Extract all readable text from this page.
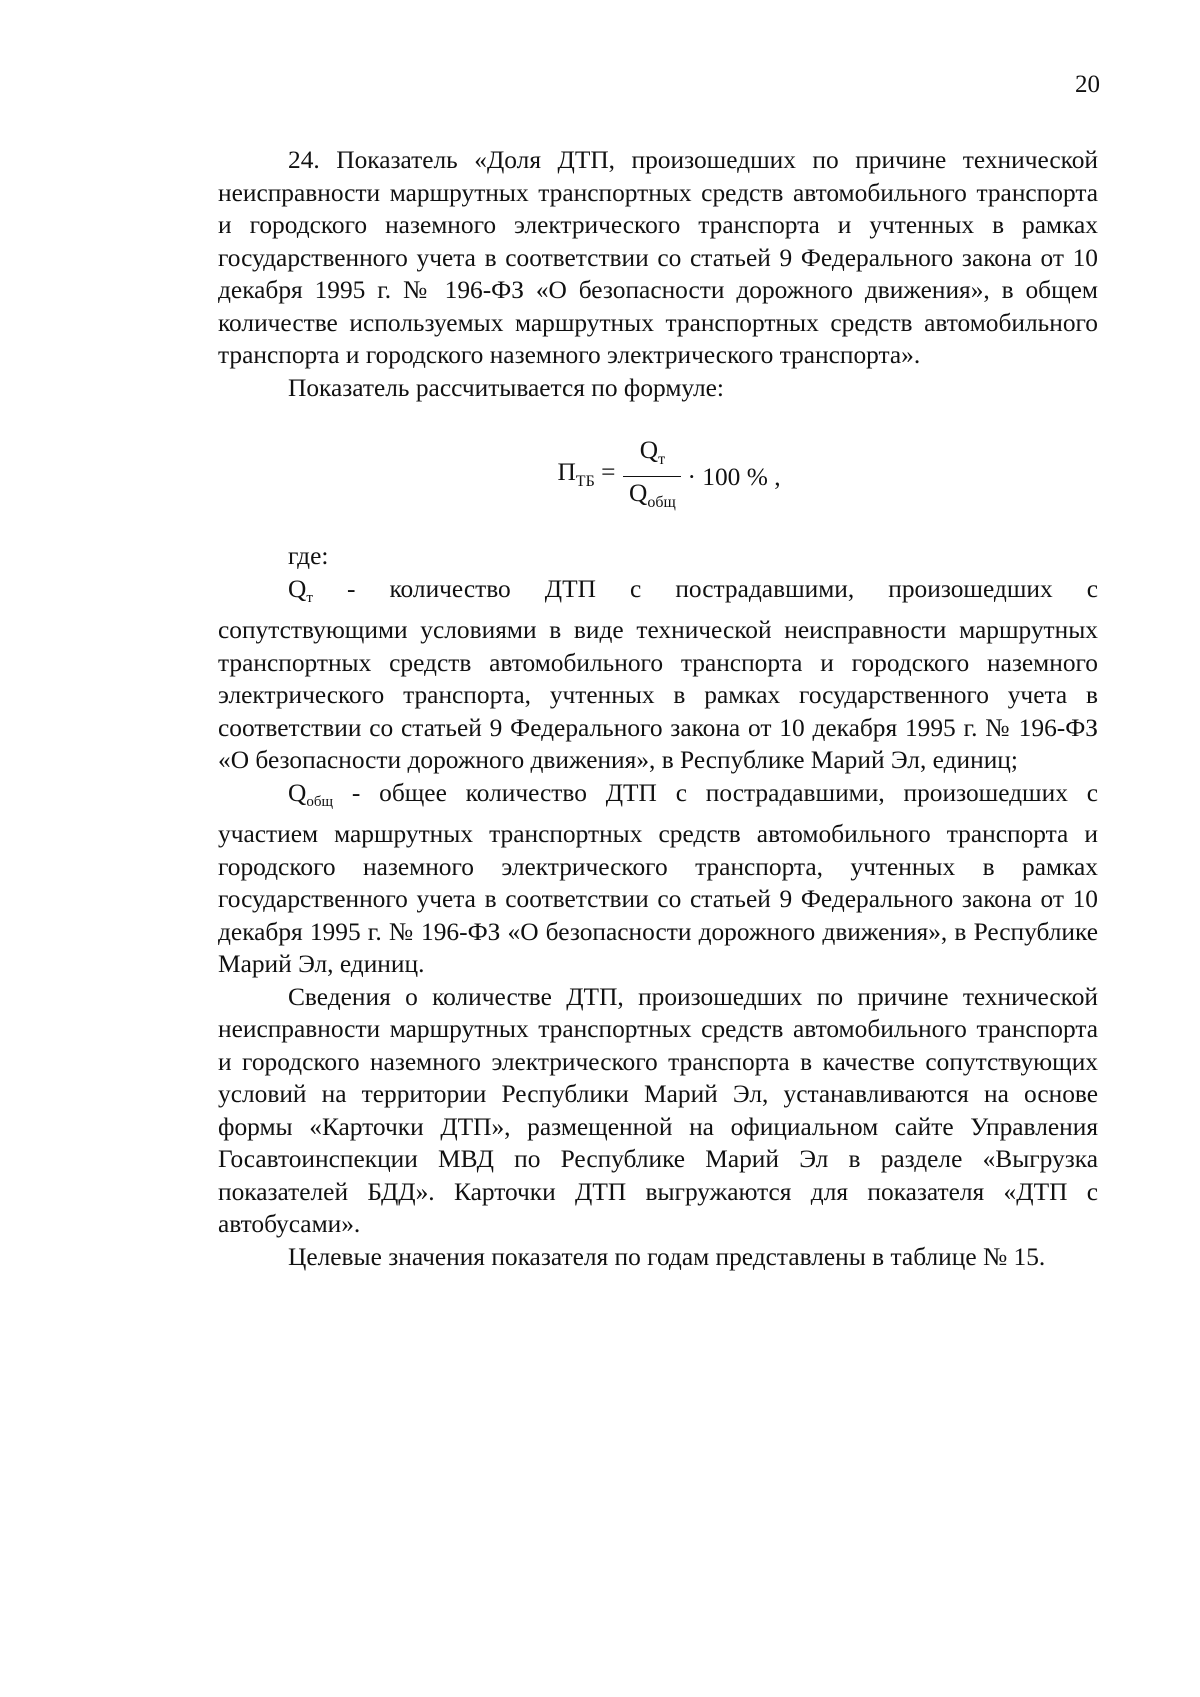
20

24. Показатель «Доля ДТП, произошедших по причине технической неисправности маршрутных транспортных средств автомобильного транспорта и городского наземного электрического транспорта и учтенных в рамках государственного учета в соответствии со статьей 9 Федерального закона от 10 декабря 1995 г. № 196-ФЗ «О безопасности дорожного движения», в общем количестве используемых маршрутных транспортных средств автомобильного транспорта и городского наземного электрического транспорта».

Показатель рассчитывается по формуле:

$П_{ТБ} = \frac{Q_т}{Q_{общ}} \cdot 100$ % ,

где:

$Q_т$ - количество ДТП с пострадавшими, произошедших с сопутствующими условиями в виде технической неисправности маршрутных транспортных средств автомобильного транспорта и городского наземного электрического транспорта, учтенных в рамках государственного учета в соответствии со статьей 9 Федерального закона от 10 декабря 1995 г. № 196-ФЗ «О безопасности дорожного движения», в Республике Марий Эл, единиц;

$Q_{общ}$ - общее количество ДТП с пострадавшими, произошедших с участием маршрутных транспортных средств автомобильного транспорта и городского наземного электрического транспорта, учтенных в рамках государственного учета в соответствии со статьей 9 Федерального закона от 10 декабря 1995 г. № 196-ФЗ «О безопасности дорожного движения», в Республике Марий Эл, единиц.

Сведения о количестве ДТП, произошедших по причине технической неисправности маршрутных транспортных средств автомобильного транспорта и городского наземного электрического транспорта в качестве сопутствующих условий на территории Республики Марий Эл, устанавливаются на основе формы «Карточки ДТП», размещенной на официальном сайте Управления Госавтоинспекции МВД по Республике Марий Эл в разделе «Выгрузка показателей БДД». Карточки ДТП выгружаются для показателя «ДТП с автобусами».

Целевые значения показателя по годам представлены в таблице № 15.
